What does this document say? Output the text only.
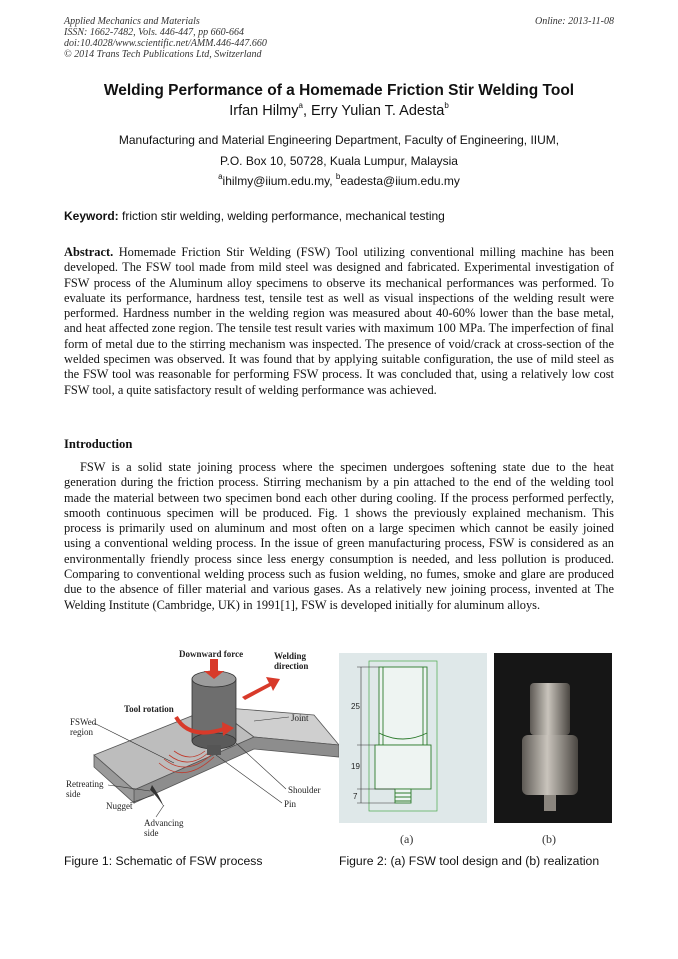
Applied Mechanics and Materials
ISSN: 1662-7482, Vols. 446-447, pp 660-664
doi:10.4028/www.scientific.net/AMM.446-447.660
© 2014 Trans Tech Publications Ltd, Switzerland
Online: 2013-11-08
Welding Performance of a Homemade Friction Stir Welding Tool
Irfan Hilmy$^a$, Erry Yulian T. Adesta$^b$
Manufacturing and Material Engineering Department, Faculty of Engineering, IIUM,
P.O. Box 10, 50728, Kuala Lumpur, Malaysia
$^a$ihilmy@iium.edu.my, $^b$eadesta@iium.edu.my
Keyword: friction stir welding, welding performance, mechanical testing
Abstract. Homemade Friction Stir Welding (FSW) Tool utilizing conventional milling machine has been developed. The FSW tool made from mild steel was designed and fabricated. Experimental investigation of FSW process of the Aluminum alloy specimens to observe its mechanical performances was performed. To evaluate its performance, hardness test, tensile test as well as visual inspections of the welding result were performed. Hardness number in the welding region was measured about 40-60% lower than the base metal, and heat affected zone region. The tensile test result varies with maximum 100 MPa. The imperfection of final form of metal due to the stirring mechanism was inspected. The presence of void/crack at cross-section of the welded specimen was observed. It was found that by applying suitable configuration, the use of mild steel as the FSW tool was reasonable for performing FSW process. It was concluded that, using a relatively low cost FSW tool, a quite satisfactory result of welding performance was achieved.
Introduction
FSW is a solid state joining process where the specimen undergoes softening state due to the heat generation during the friction process. Stirring mechanism by a pin attached to the end of the welding tool made the material between two specimen bond each other during cooling. If the process performed perfectly, smooth continuous specimen will be produced. Fig. 1 shows the previously explained mechanism. This process is primarily used on aluminum and most often on a large specimen which cannot be easily joined using a conventional welding process. In the issue of green manufacturing process, FSW is considered as an environmentally friendly process since less energy consumption is needed, and less pollution is produced. Comparing to conventional welding process such as fusion welding, no fumes, smoke and glare are produced due to the absence of filler material and various gases. As a relatively new joining process, invented at The Welding Institute (Cambridge, UK) in 1991[1], FSW is developed initially for aluminum alloys.
Downward force	Welding
direction
Tool rotation
Joint
FSWed
region
Retreating
side
Nugget
Advancing
side
Shoulder
Pin
Figure 1: Schematic of FSW process
25
19
7
(a)	(b)
Figure 2: (a) FSW tool design and (b) realization
